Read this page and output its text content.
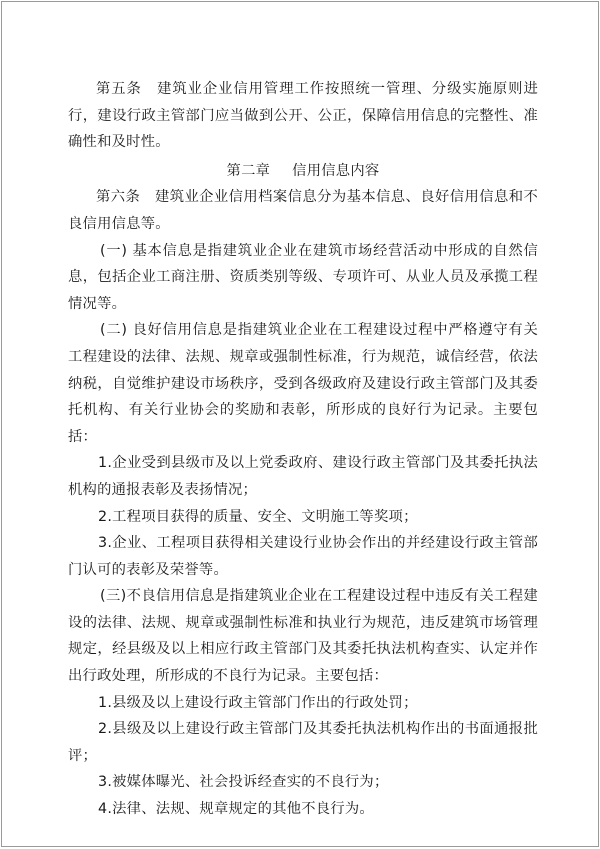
第五条　建筑业企业信用管理工作按照统一管理、分级实施原则进行，建设行政主管部门应当做到公开、公正，保障信用信息的完整性、准确性和及时性。

第二章 信用信息内容

第六条　建筑业企业信用档案信息分为基本信息、良好信用信息和不良信用信息等。

(一) 基本信息是指建筑业企业在建筑市场经营活动中形成的自然信息，包括企业工商注册、资质类别等级、专项许可、从业人员及承揽工程情况等。

(二) 良好信用信息是指建筑业企业在工程建设过程中严格遵守有关工程建设的法律、法规、规章或强制性标准，行为规范，诚信经营，依法纳税，自觉维护建设市场秩序，受到各级政府及建设行政主管部门及其委托机构、有关行业协会的奖励和表彰，所形成的良好行为记录。主要包括：

1.企业受到县级市及以上党委政府、建设行政主管部门及其委托执法机构的通报表彰及表扬情况；

2.工程项目获得的质量、安全、文明施工等奖项；

3.企业、工程项目获得相关建设行业协会作出的并经建设行政主管部门认可的表彰及荣誉等。

(三)不良信用信息是指建筑业企业在工程建设过程中违反有关工程建设的法律、法规、规章或强制性标准和执业行为规范，违反建筑市场管理规定，经县级及以上相应行政主管部门及其委托执法机构查实、认定并作出行政处理，所形成的不良行为记录。主要包括：

1.县级及以上建设行政主管部门作出的行政处罚；

2.县级及以上建设行政主管部门及其委托执法机构作出的书面通报批评；

3.被媒体曝光、社会投诉经查实的不良行为；

4.法律、法规、规章规定的其他不良行为。
